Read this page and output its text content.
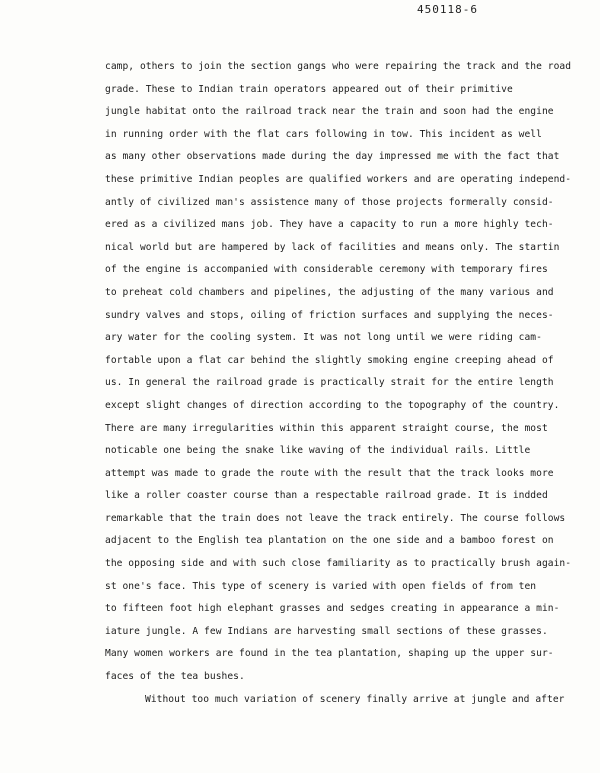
450118-6
camp, others to join the section gangs who were repairing the track and the road
grade. These to Indian train operators appeared out of their primitive
jungle habitat onto the railroad track near the train and soon had the engine
in running order with the flat cars following in tow. This incident as well
as many other observations made during the day impressed me with the fact that
these primitive Indian peoples are qualified workers and are operating independ-
antly of civilized man's assistence many of those projects formerally consid-
ered as a civilized mans job. They have a capacity to run a more highly tech-
nical world but are hampered by lack of facilities and means only. The startin
of the engine is accompanied with considerable ceremony with temporary fires
to preheat cold chambers and pipelines, the adjusting of the many various and
sundry valves and stops, oiling of friction surfaces and supplying the neces-
ary water for the cooling system. It was not long until we were riding cam-
fortable upon a flat car behind the slightly smoking engine creeping ahead of
us. In general the railroad grade is practically strait for the entire length
except slight changes of direction according to the topography of the country.
There are many irregularities within this apparent straight course, the most
noticable one being the snake like waving of the individual rails. Little
attempt was made to grade the route with the result that the track looks more
like a roller coaster course than a respectable railroad grade. It is indded
remarkable that the train does not leave the track entirely. The course follows
adjacent to the English tea plantation on the one side and a bamboo forest on
the opposing side and with such close familiarity as to practically brush again-
st one's face. This type of scenery is varied with open fields of from ten
to fifteen foot high elephant grasses and sedges creating in appearance a min-
iature jungle. A few Indians are harvesting small sections of these grasses.
Many women workers are found in the tea plantation, shaping up the upper sur-
faces of the tea bushes.
Without too much variation of scenery finally arrive at jungle and after
